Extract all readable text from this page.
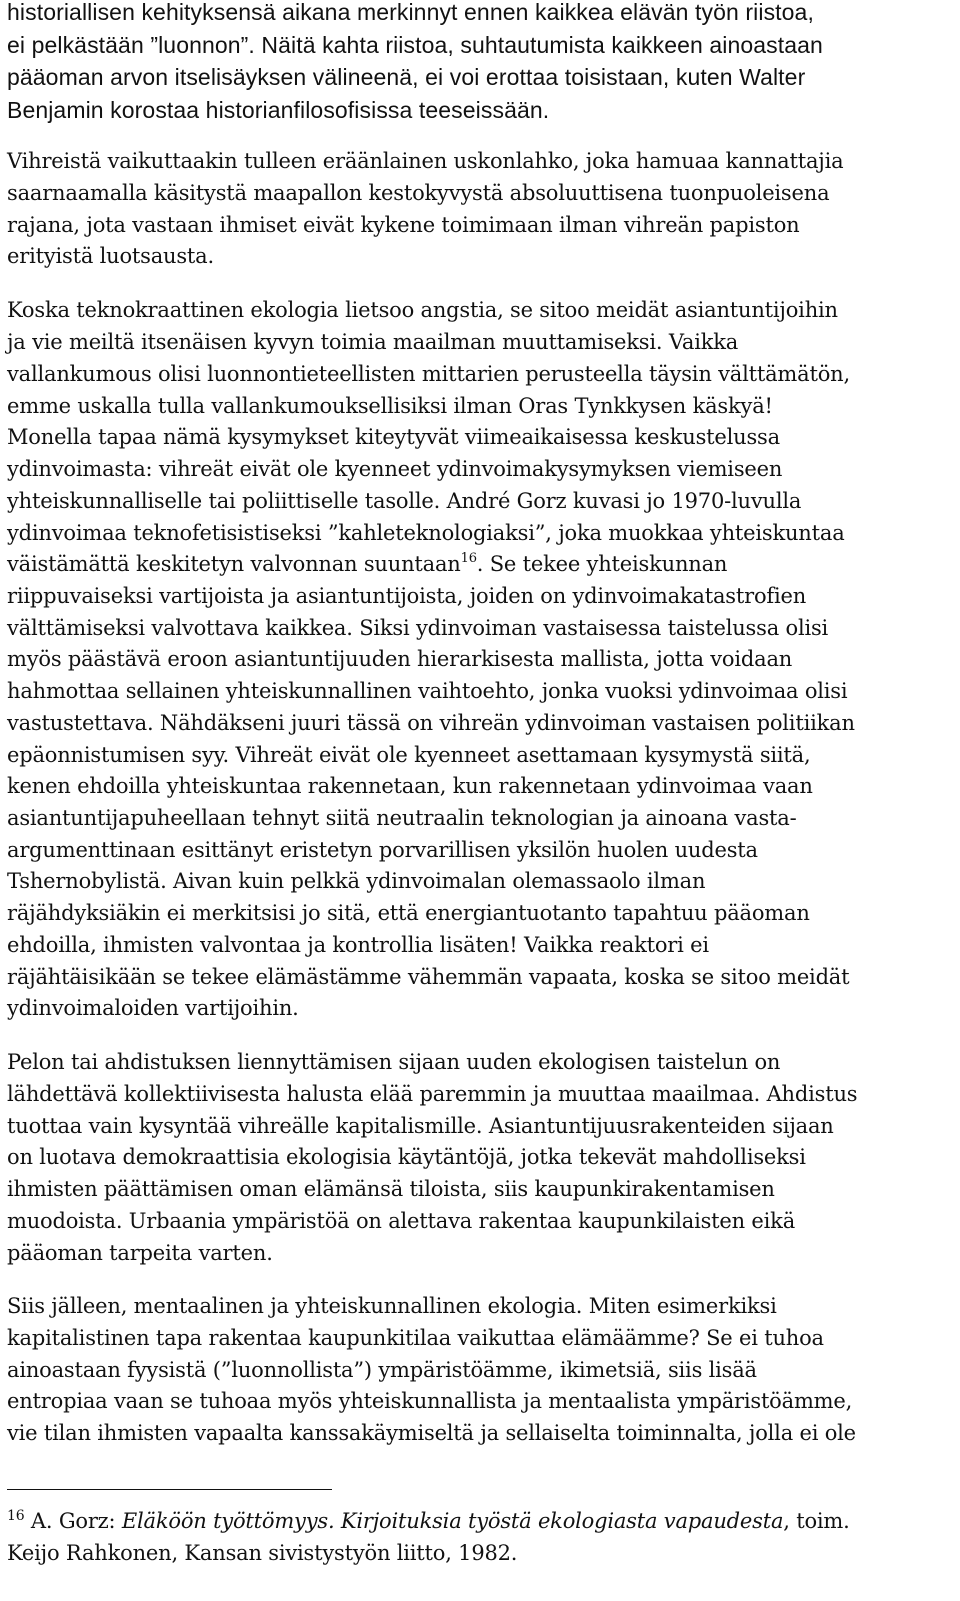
historiallisen kehityksensä aikana merkinnyt ennen kaikkea elävän työn riistoa,
ei pelkästään ”luonnon”. Näitä kahta riistoa, suhtautumista kaikkeen ainoastaan
pääoman arvon itselisäyksen välineenä, ei voi erottaa toisistaan, kuten Walter
Benjamin korostaa historianfilosofisissa teeseissään.
Vihreistä vaikuttaakin tulleen eräänlainen uskonlahko, joka hamuaa kannattajia
saarnaamalla käsitystä maapallon kestokyvystä absoluuttisena tuonpuoleisena
rajana, jota vastaan ihmiset eivät kykene toimimaan ilman vihreän papiston
erityistä luotsausta.
Koska teknokraattinen ekologia lietsoo angstia, se sitoo meidät asiantuntijoihin
ja vie meiltä itsenäisen kyvyn toimia maailman muuttamiseksi. Vaikka
vallankumous olisi luonnontieteellisten mittarien perusteella täysin välttämätön,
emme uskalla tulla vallankumouksellisiksi ilman Oras Tynkkysen käskyä!
Monella tapaa nämä kysymykset kiteytyvät viimeaikaisessa keskustelussa
ydinvoimasta: vihreät eivät ole kyenneet ydinvoimakysymyksen viemiseen
yhteiskunnalliselle tai poliittiselle tasolle. André Gorz kuvasi jo 1970-luvulla
ydinvoimaa teknofetisistiseksi ”kahleteknologiaksi”, joka muokkaa yhteiskuntaa
väistämättä keskitetyn valvonnan suuntaan$^{16}$. Se tekee yhteiskunnan
riippuvaiseksi vartijoista ja asiantuntijoista, joiden on ydinvoimakatastrofien
välttämiseksi valvottava kaikkea. Siksi ydinvoiman vastaisessa taistelussa olisi
myös päästävä eroon asiantuntijuuden hierarkisesta mallista, jotta voidaan
hahmottaa sellainen yhteiskunnallinen vaihtoehto, jonka vuoksi ydinvoimaa olisi
vastustettava. Nähdäkseni juuri tässä on vihreän ydinvoiman vastaisen politiikan
epäonnistumisen syy. Vihreät eivät ole kyenneet asettamaan kysymystä siitä,
kenen ehdoilla yhteiskuntaa rakennetaan, kun rakennetaan ydinvoimaa vaan
asiantuntijapuheellaan tehnyt siitä neutraalin teknologian ja ainoana vasta-
argumenttinaan esittänyt eristetyn porvarillisen yksilön huolen uudesta
Tshernobylistä. Aivan kuin pelkkä ydinvoimalan olemassaolo ilman
räjähdyksiäkin ei merkitsisi jo sitä, että energiantuotanto tapahtuu pääoman
ehdoilla, ihmisten valvontaa ja kontrollia lisäten! Vaikka reaktori ei
räjähtäisikään se tekee elämästämme vähemmän vapaata, koska se sitoo meidät
ydinvoimaloiden vartijoihin.
Pelon tai ahdistuksen liennyttämisen sijaan uuden ekologisen taistelun on
lähdettävä kollektiivisesta halusta elää paremmin ja muuttaa maailmaa. Ahdistus
tuottaa vain kysyntää vihreälle kapitalismille. Asiantuntijuusrakenteiden sijaan
on luotava demokraattisia ekologisia käytäntöjä, jotka tekevät mahdolliseksi
ihmisten päättämisen oman elämänsä tiloista, siis kaupunkirakentamisen
muodoista. Urbaania ympäristöä on alettava rakentaa kaupunkilaisten eikä
pääoman tarpeita varten.
Siis jälleen, mentaalinen ja yhteiskunnallinen ekologia. Miten esimerkiksi
kapitalistinen tapa rakentaa kaupunkitilaa vaikuttaa elämäämme? Se ei tuhoa
ainoastaan fyysistä (”luonnollista”) ympäristöämme, ikimetsiä, siis lisää
entropiaa vaan se tuhoaa myös yhteiskunnallista ja mentaalista ympäristöämme,
vie tilan ihmisten vapaalta kanssakäymiseltä ja sellaiselta toiminnalta, jolla ei ole
$^{16}$ A. Gorz: Eläköön työttömyys. Kirjoituksia työstä ekologiasta vapaudesta, toim.
Keijo Rahkonen, Kansan sivistystyön liitto, 1982.
